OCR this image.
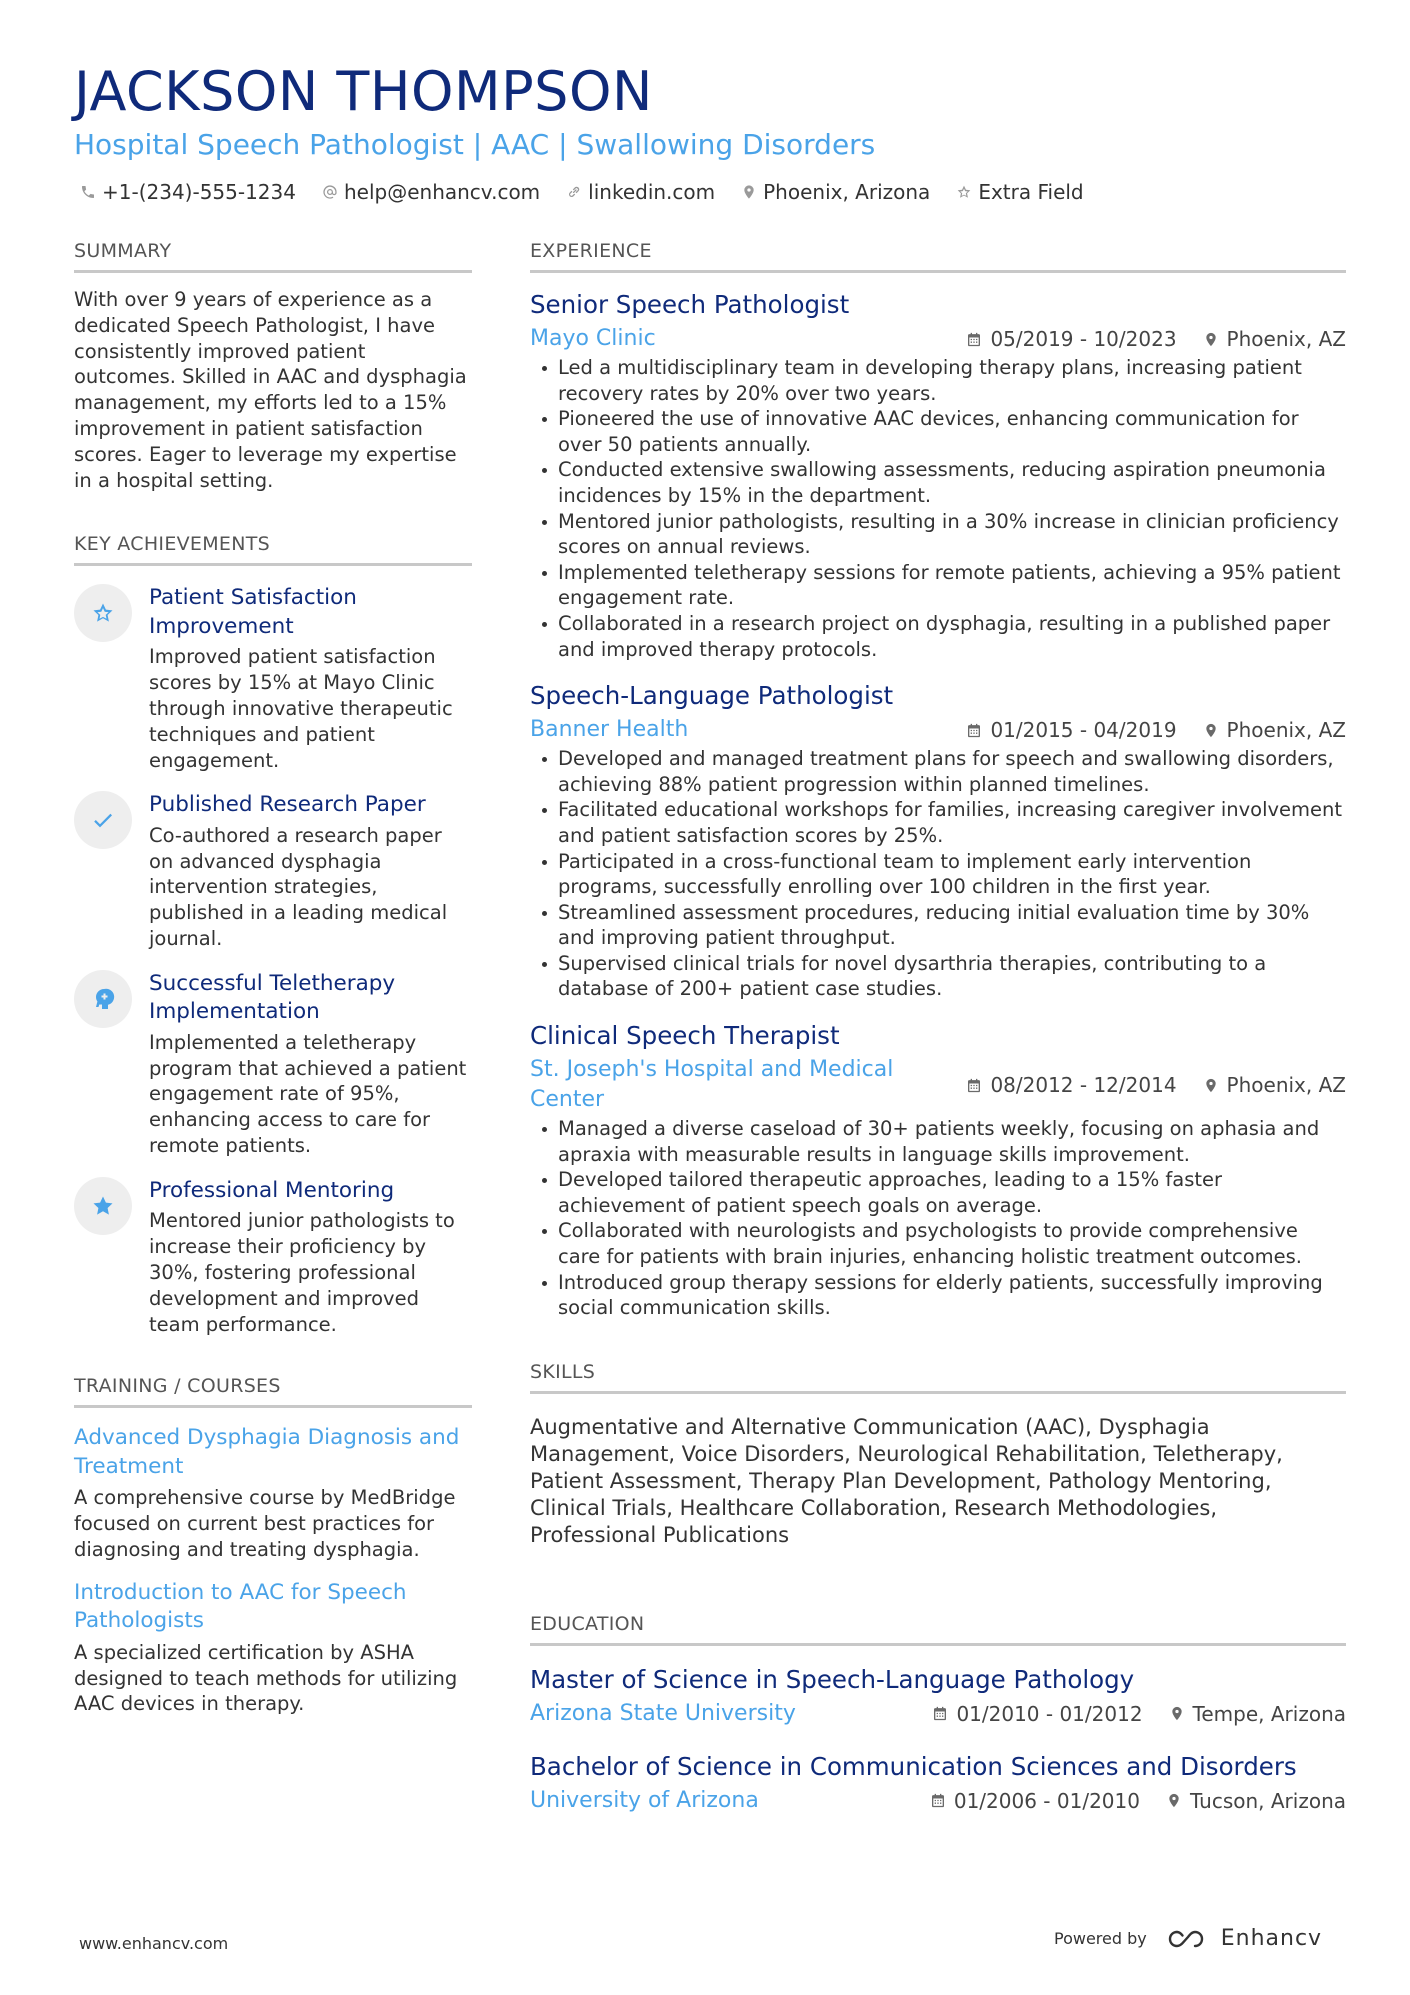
JACKSON THOMPSON
Hospital Speech Pathologist | AAC | Swallowing Disorders
+1-(234)-555-1234 help@enhancv.com linkedin.com Phoenix, Arizona Extra Field
SUMMARY
With over 9 years of experience as a dedicated Speech Pathologist, I have consistently improved patient outcomes. Skilled in AAC and dysphagia management, my efforts led to a 15% improvement in patient satisfaction scores. Eager to leverage my expertise in a hospital setting.
KEY ACHIEVEMENTS
Patient Satisfaction Improvement
Improved patient satisfaction scores by 15% at Mayo Clinic through innovative therapeutic techniques and patient engagement.
Published Research Paper
Co-authored a research paper on advanced dysphagia intervention strategies, published in a leading medical journal.
Successful Teletherapy Implementation
Implemented a teletherapy program that achieved a patient engagement rate of 95%, enhancing access to care for remote patients.
Professional Mentoring
Mentored junior pathologists to increase their proficiency by 30%, fostering professional development and improved team performance.
TRAINING / COURSES
Advanced Dysphagia Diagnosis and Treatment
A comprehensive course by MedBridge focused on current best practices for diagnosing and treating dysphagia.
Introduction to AAC for Speech Pathologists
A specialized certification by ASHA designed to teach methods for utilizing AAC devices in therapy.
EXPERIENCE
Senior Speech Pathologist
Mayo Clinic	05/2019 - 10/2023	Phoenix, AZ
Led a multidisciplinary team in developing therapy plans, increasing patient recovery rates by 20% over two years.
Pioneered the use of innovative AAC devices, enhancing communication for over 50 patients annually.
Conducted extensive swallowing assessments, reducing aspiration pneumonia incidences by 15% in the department.
Mentored junior pathologists, resulting in a 30% increase in clinician proficiency scores on annual reviews.
Implemented teletherapy sessions for remote patients, achieving a 95% patient engagement rate.
Collaborated in a research project on dysphagia, resulting in a published paper and improved therapy protocols.
Speech-Language Pathologist
Banner Health	01/2015 - 04/2019	Phoenix, AZ
Developed and managed treatment plans for speech and swallowing disorders, achieving 88% patient progression within planned timelines.
Facilitated educational workshops for families, increasing caregiver involvement and patient satisfaction scores by 25%.
Participated in a cross-functional team to implement early intervention programs, successfully enrolling over 100 children in the first year.
Streamlined assessment procedures, reducing initial evaluation time by 30% and improving patient throughput.
Supervised clinical trials for novel dysarthria therapies, contributing to a database of 200+ patient case studies.
Clinical Speech Therapist
St. Joseph's Hospital and Medical Center
08/2012 - 12/2014	Phoenix, AZ
Managed a diverse caseload of 30+ patients weekly, focusing on aphasia and apraxia with measurable results in language skills improvement.
Developed tailored therapeutic approaches, leading to a 15% faster achievement of patient speech goals on average.
Collaborated with neurologists and psychologists to provide comprehensive care for patients with brain injuries, enhancing holistic treatment outcomes.
Introduced group therapy sessions for elderly patients, successfully improving social communication skills.
SKILLS
Augmentative and Alternative Communication (AAC), Dysphagia Management, Voice Disorders, Neurological Rehabilitation, Teletherapy, Patient Assessment, Therapy Plan Development, Pathology Mentoring, Clinical Trials, Healthcare Collaboration, Research Methodologies, Professional Publications
EDUCATION
Master of Science in Speech-Language Pathology
Arizona State University	01/2010 - 01/2012	Tempe, Arizona
Bachelor of Science in Communication Sciences and Disorders
University of Arizona	01/2006 - 01/2010	Tucson, Arizona
www.enhancv.com	Powered by	Enhancv
